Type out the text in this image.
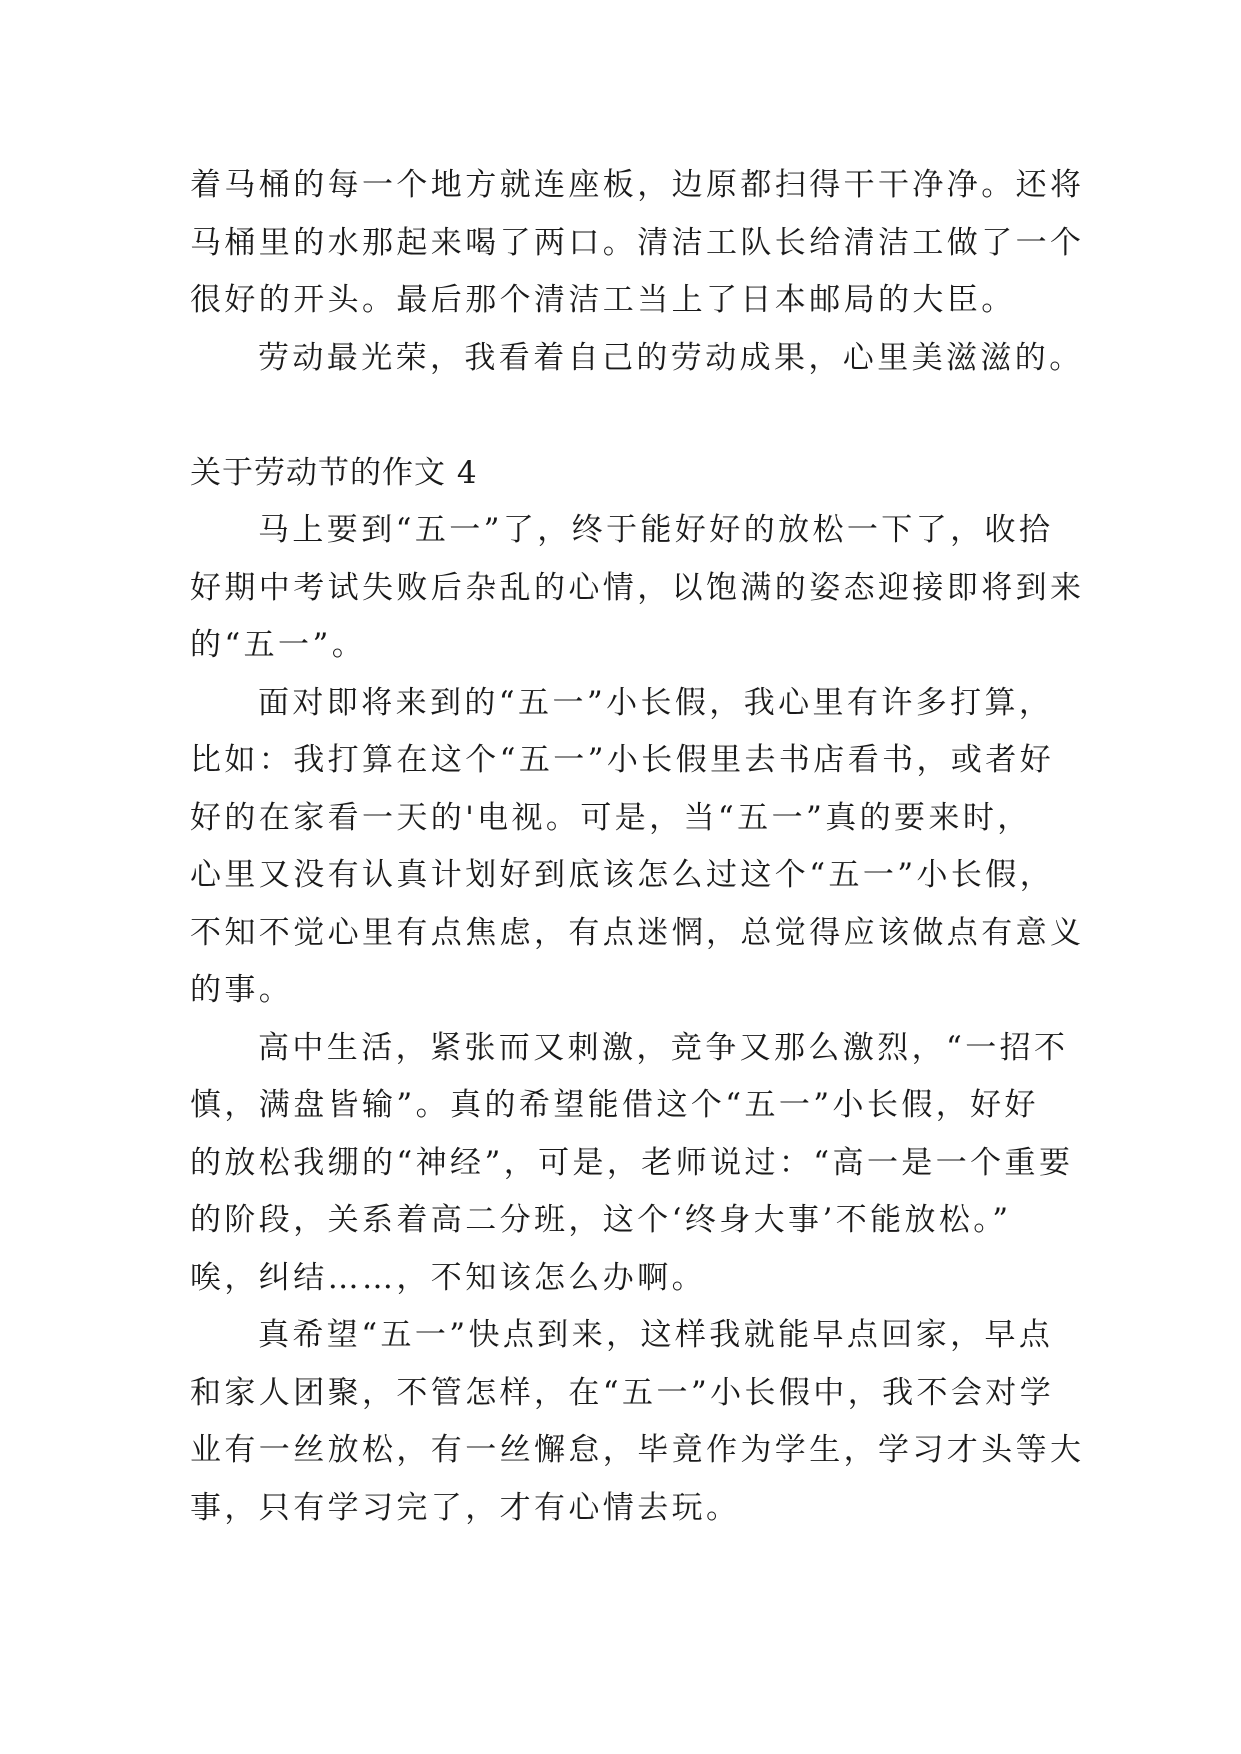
着马桶的每一个地方就连座板，边原都扫得干干净净。还将
马桶里的水那起来喝了两口。清洁工队长给清洁工做了一个
很好的开头。最后那个清洁工当上了日本邮局的大臣。
劳动最光荣，我看着自己的劳动成果，心里美滋滋的。
关于劳动节的作文 4
马上要到“五一”了，终于能好好的放松一下了，收拾
好期中考试失败后杂乱的心情，以饱满的姿态迎接即将到来
的“五一”。
面对即将来到的“五一”小长假，我心里有许多打算，
比如：我打算在这个“五一”小长假里去书店看书，或者好
好的在家看一天的'电视。可是，当“五一”真的要来时，
心里又没有认真计划好到底该怎么过这个“五一”小长假，
不知不觉心里有点焦虑，有点迷惘，总觉得应该做点有意义
的事。
高中生活，紧张而又刺激，竞争又那么激烈，“一招不
慎，满盘皆输”。真的希望能借这个“五一”小长假，好好
的放松我绷的“神经”，可是，老师说过：“高一是一个重要
的阶段，关系着高二分班，这个‘终身大事’不能放松。”
唉，纠结……，不知该怎么办啊。
真希望“五一”快点到来，这样我就能早点回家，早点
和家人团聚，不管怎样，在“五一”小长假中，我不会对学
业有一丝放松，有一丝懈怠，毕竟作为学生，学习才头等大
事，只有学习完了，才有心情去玩。
